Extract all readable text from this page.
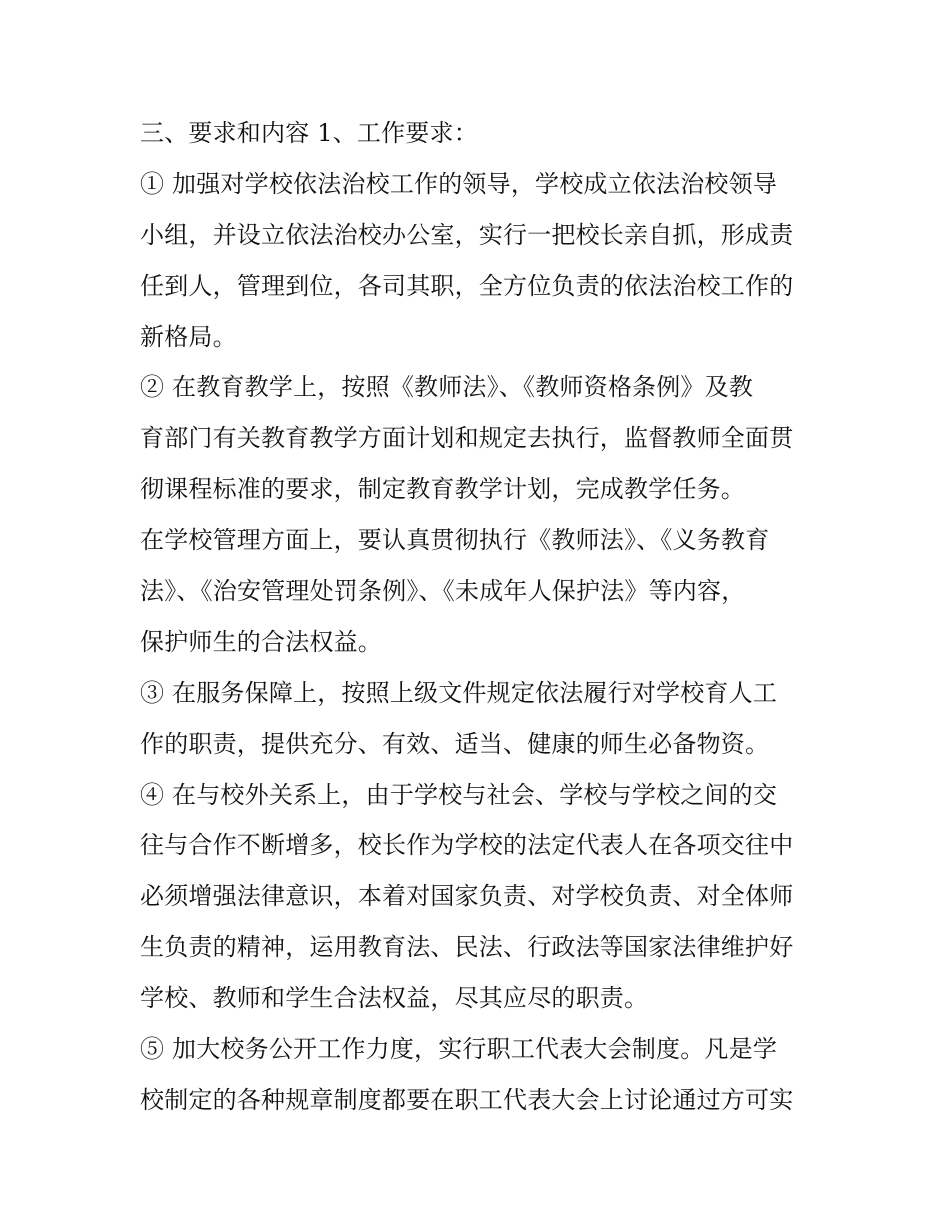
三、要求和内容 1、工作要求：
① 加强对学校依法治校工作的领导，学校成立依法治校领导
小组，并设立依法治校办公室，实行一把校长亲自抓，形成责
任到人，管理到位，各司其职，全方位负责的依法治校工作的
新格局。
② 在教育教学上，按照《教师法》、《教师资格条例》及教
育部门有关教育教学方面计划和规定去执行，监督教师全面贯
彻课程标准的要求，制定教育教学计划，完成教学任务。
在学校管理方面上，要认真贯彻执行《教师法》、《义务教育
法》、《治安管理处罚条例》、《未成年人保护法》等内容，
保护师生的合法权益。
③ 在服务保障上，按照上级文件规定依法履行对学校育人工
作的职责，提供充分、有效、适当、健康的师生必备物资。
④ 在与校外关系上，由于学校与社会、学校与学校之间的交
往与合作不断增多，校长作为学校的法定代表人在各项交往中
必须增强法律意识，本着对国家负责、对学校负责、对全体师
生负责的精神，运用教育法、民法、行政法等国家法律维护好
学校、教师和学生合法权益，尽其应尽的职责。
⑤ 加大校务公开工作力度，实行职工代表大会制度。凡是学
校制定的各种规章制度都要在职工代表大会上讨论通过方可实
